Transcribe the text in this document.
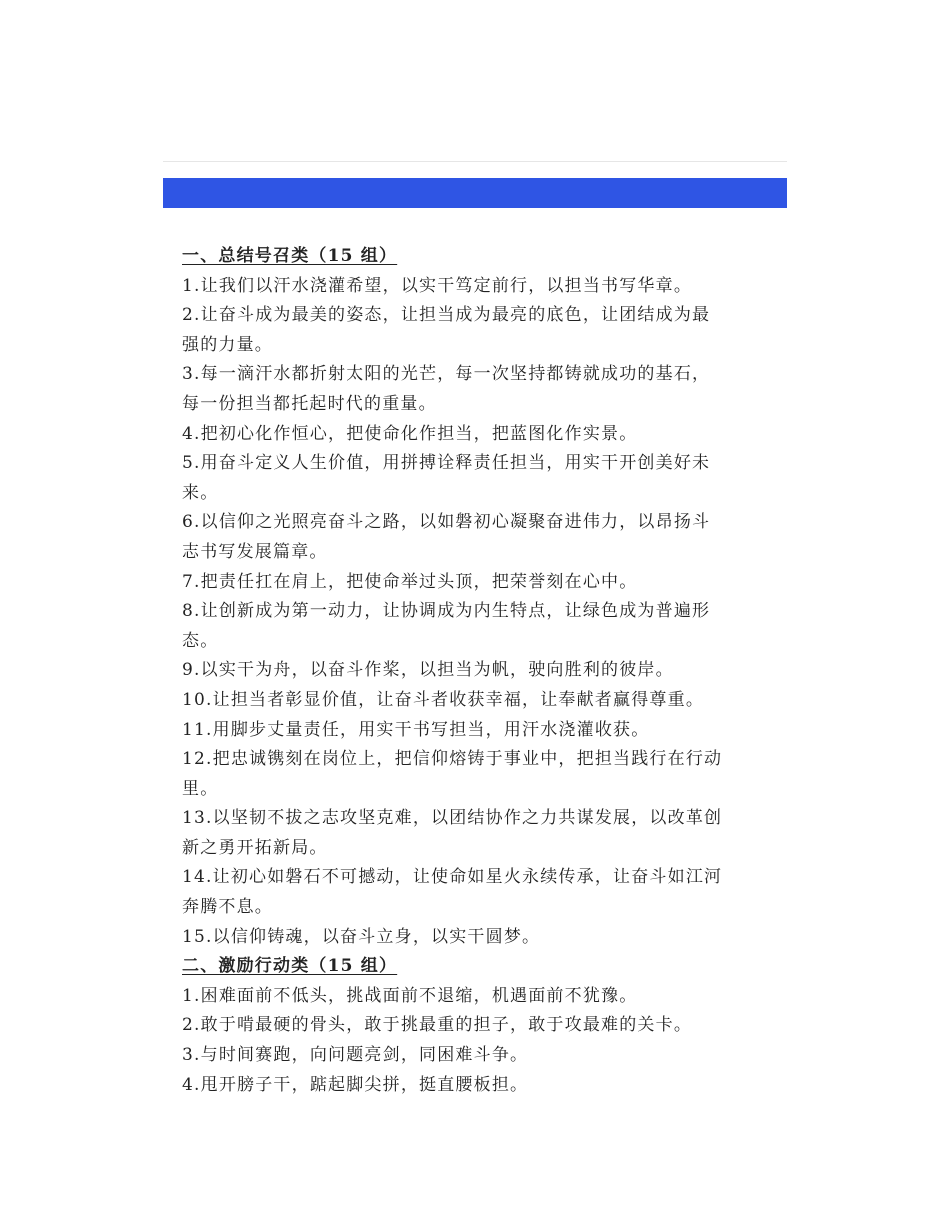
一、总结号召类（15 组）
1.让我们以汗水浇灌希望，以实干笃定前行，以担当书写华章。
2.让奋斗成为最美的姿态，让担当成为最亮的底色，让团结成为最
强的力量。
3.每一滴汗水都折射太阳的光芒，每一次坚持都铸就成功的基石，
每一份担当都托起时代的重量。
4.把初心化作恒心，把使命化作担当，把蓝图化作实景。
5.用奋斗定义人生价值，用拼搏诠释责任担当，用实干开创美好未
来。
6.以信仰之光照亮奋斗之路，以如磐初心凝聚奋进伟力，以昂扬斗
志书写发展篇章。
7.把责任扛在肩上，把使命举过头顶，把荣誉刻在心中。
8.让创新成为第一动力，让协调成为内生特点，让绿色成为普遍形
态。
9.以实干为舟，以奋斗作桨，以担当为帆，驶向胜利的彼岸。
10.让担当者彰显价值，让奋斗者收获幸福，让奉献者赢得尊重。
11.用脚步丈量责任，用实干书写担当，用汗水浇灌收获。
12.把忠诚镌刻在岗位上，把信仰熔铸于事业中，把担当践行在行动
里。
13.以坚韧不拔之志攻坚克难，以团结协作之力共谋发展，以改革创
新之勇开拓新局。
14.让初心如磐石不可撼动，让使命如星火永续传承，让奋斗如江河
奔腾不息。
15.以信仰铸魂，以奋斗立身，以实干圆梦。
二、激励行动类（15 组）
1.困难面前不低头，挑战面前不退缩，机遇面前不犹豫。
2.敢于啃最硬的骨头，敢于挑最重的担子，敢于攻最难的关卡。
3.与时间赛跑，向问题亮剑，同困难斗争。
4.甩开膀子干，踮起脚尖拼，挺直腰板担。
